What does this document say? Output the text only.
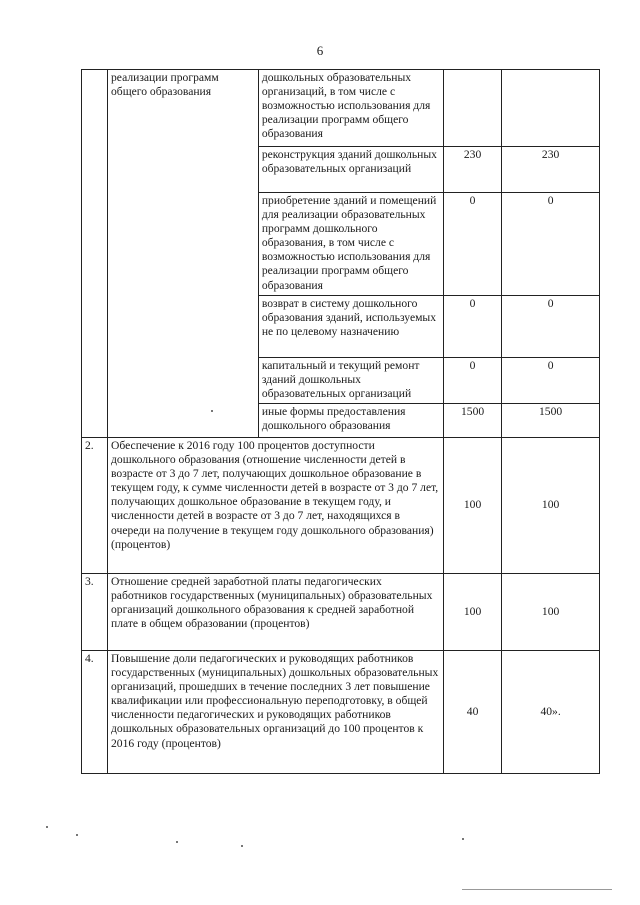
6
	реализации программ общего образования	дошкольных образовательных организаций, в том числе с возможностью использования для реализации программ общего образования		
		реконструкция зданий дошкольных образовательных организаций	230	230
		приобретение зданий и помещений для реализации образовательных программ дошкольного образования, в том числе с возможностью использования для реализации программ общего образования	0	0
		возврат в систему дошкольного образования зданий, используемых не по целевому назначению	0	0
		капитальный и текущий ремонт зданий дошкольных образовательных организаций	0	0
		иные формы предоставления дошкольного образования	1500	1500
2.	Обеспечение к 2016 году 100 процентов доступности дошкольного образования (отношение численности детей в возрасте от 3 до 7 лет, получающих дошкольное образование в текущем году, к сумме численности детей в возрасте от 3 до 7 лет, получающих дошкольное образование в текущем году, и численности детей в возрасте от 3 до 7 лет, находящихся в очереди на получение в текущем году дошкольного образования) (процентов)		100	100
3.	Отношение средней заработной платы педагогических работников государственных (муниципальных) образовательных организаций дошкольного образования к средней заработной плате в общем образовании (процентов)		100	100
4.	Повышение доли педагогических и руководящих работников государственных (муниципальных) дошкольных образовательных организаций, прошедших в течение последних 3 лет повышение квалификации или профессиональную переподготовку, в общей численности педагогических и руководящих работников дошкольных образовательных организаций до 100 процентов к 2016 году (процентов)		40	40».
